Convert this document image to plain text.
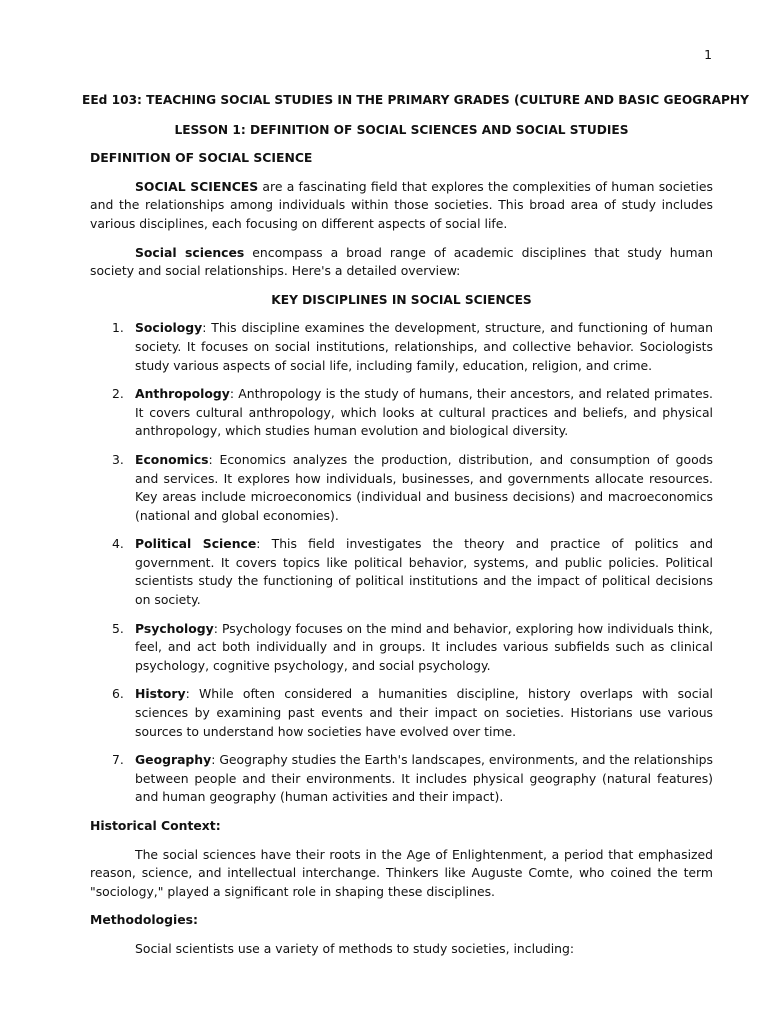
1
EEd 103: TEACHING SOCIAL STUDIES IN THE PRIMARY GRADES (CULTURE AND BASIC GEOGRAPHY
LESSON 1: DEFINITION OF SOCIAL SCIENCES AND SOCIAL STUDIES
DEFINITION OF SOCIAL SCIENCE

SOCIAL SCIENCES are a fascinating field that explores the complexities of human societies and the relationships among individuals within those societies. This broad area of study includes various disciplines, each focusing on different aspects of social life.

Social sciences encompass a broad range of academic disciplines that study human society and social relationships. Here's a detailed overview:

KEY DISCIPLINES IN SOCIAL SCIENCES
1. Sociology: This discipline examines the development, structure, and functioning of human society. It focuses on social institutions, relationships, and collective behavior. Sociologists study various aspects of social life, including family, education, religion, and crime.
2. Anthropology: Anthropology is the study of humans, their ancestors, and related primates. It covers cultural anthropology, which looks at cultural practices and beliefs, and physical anthropology, which studies human evolution and biological diversity.
3. Economics: Economics analyzes the production, distribution, and consumption of goods and services. It explores how individuals, businesses, and governments allocate resources. Key areas include microeconomics (individual and business decisions) and macroeconomics (national and global economies).
4. Political Science: This field investigates the theory and practice of politics and government. It covers topics like political behavior, systems, and public policies. Political scientists study the functioning of political institutions and the impact of political decisions on society.
5. Psychology: Psychology focuses on the mind and behavior, exploring how individuals think, feel, and act both individually and in groups. It includes various subfields such as clinical psychology, cognitive psychology, and social psychology.
6. History: While often considered a humanities discipline, history overlaps with social sciences by examining past events and their impact on societies. Historians use various sources to understand how societies have evolved over time.
7. Geography: Geography studies the Earth's landscapes, environments, and the relationships between people and their environments. It includes physical geography (natural features) and human geography (human activities and their impact).
Historical Context:

The social sciences have their roots in the Age of Enlightenment, a period that emphasized reason, science, and intellectual interchange. Thinkers like Auguste Comte, who coined the term "sociology," played a significant role in shaping these disciplines.

Methodologies:

Social scientists use a variety of methods to study societies, including:
